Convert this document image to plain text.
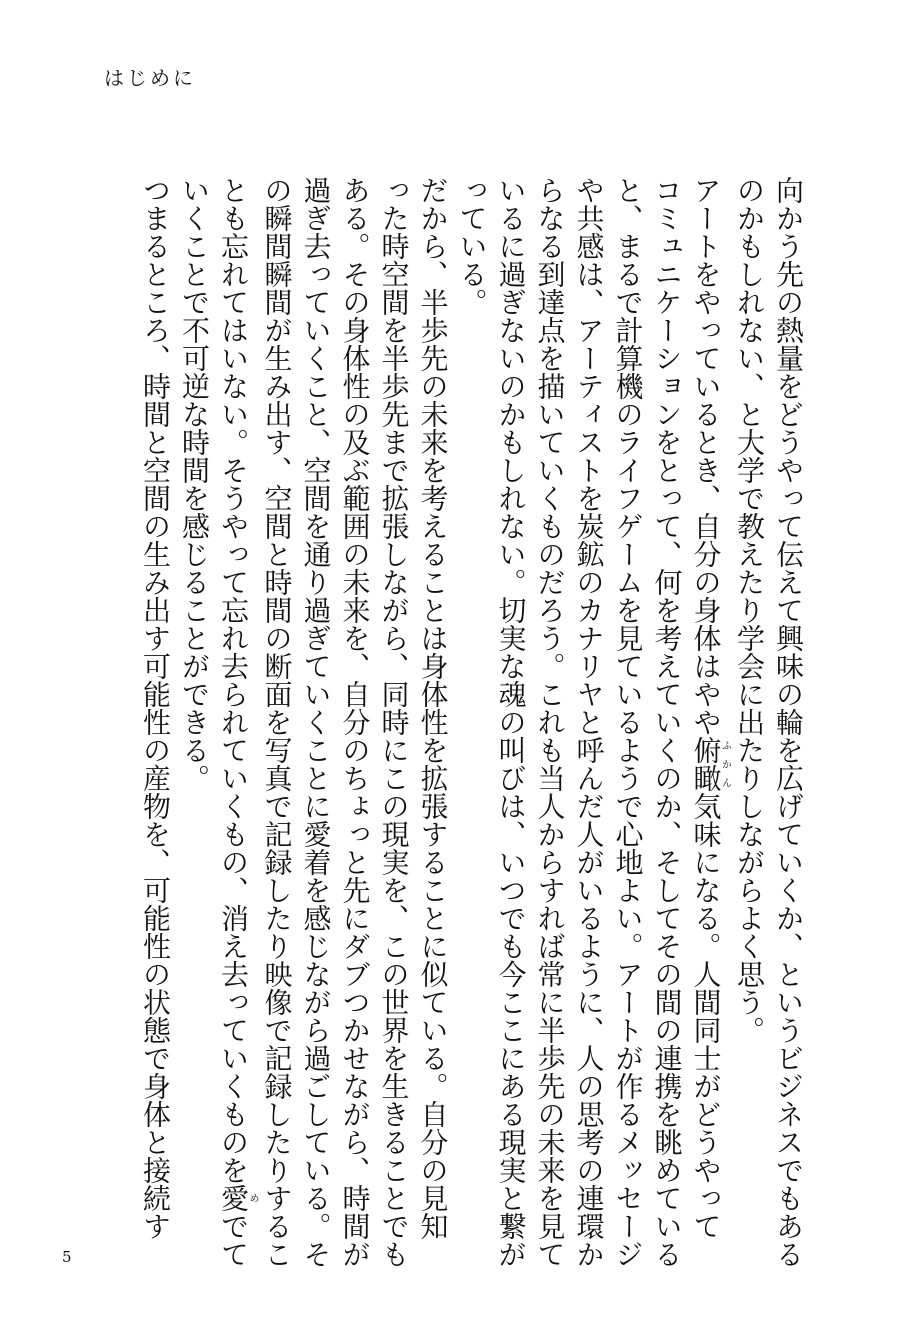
はじめに
向かう先の熱量をどうやって伝えて興味の輪を広げていくか、というビジネスでもある
のかもしれない、と大学で教えたり学会に出たりしながらよく思う。
アートをやっているとき、自分の身体はやや俯瞰ふかん気味になる。人間同士がどうやって
コミュニケーションをとって、何を考えていくのか、そしてその間の連携を眺めている
と、まるで計算機のライフゲームを見ているようで心地よい。アートが作るメッセージ
や共感は、アーティストを炭鉱のカナリヤと呼んだ人がいるように、人の思考の連環か
らなる到達点を描いていくものだろう。これも当人からすれば常に半歩先の未来を見て
いるに過ぎないのかもしれない。切実な魂の叫びは、いつでも今ここにある現実と繋が
っている。
だから、半歩先の未来を考えることは身体性を拡張することに似ている。自分の見知
った時空間を半歩先まで拡張しながら、同時にこの現実を、この世界を生きることでも
ある。その身体性の及ぶ範囲の未来を、自分のちょっと先にダブつかせながら、時間が
過ぎ去っていくこと、空間を通り過ぎていくことに愛着を感じながら過ごしている。そ
の瞬間瞬間が生み出す、空間と時間の断面を写真で記録したり映像で記録したりするこ
とも忘れてはいない。そうやって忘れ去られていくもの、消え去っていくものを愛めでて
いくことで不可逆な時間を感じることができる。
つまるところ、時間と空間の生み出す可能性の産物を、可能性の状態で身体と接続す
5
